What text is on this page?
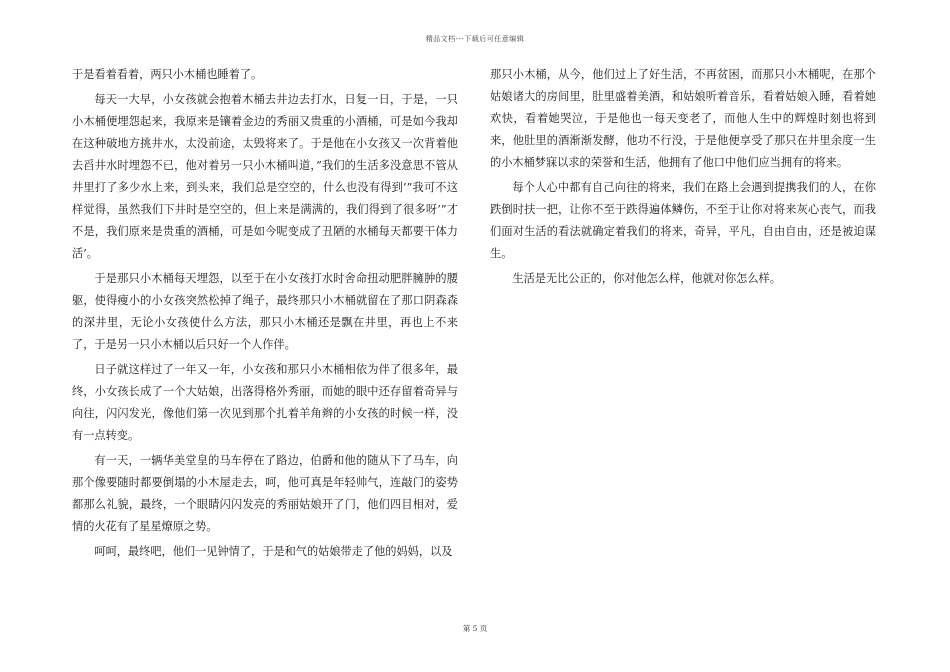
精品文档---下载后可任意编辑

于是看着看着，两只小木桶也睡着了。

每天一大早，小女孩就会抱着木桶去井边去打水，日复一日，于是，一只小木桶便埋怨起来，我原来是镶着金边的秀丽又贵重的小酒桶，可是如今我却在这种破地方挑井水，太没前途，太毁将来了。于是他在小女孩又一次背着他去舀井水时埋怨不已，他对着另一只小木桶叫道，”我们的生活多没意思不管从井里打了多少水上来，到头来，我们总是空空的，什么也没有得到’”我可不这样觉得，虽然我们下井时是空空的，但上来是满满的，我们得到了很多呀’”才不是，我们原来是贵重的酒桶，可是如今呢变成了丑陋的水桶每天都要干体力活’。

于是那只小木桶每天埋怨，以至于在小女孩打水时舍命扭动肥胖臃肿的腰躯，使得瘦小的小女孩突然松掉了绳子，最终那只小木桶就留在了那口阴森森的深井里，无论小女孩使什么方法，那只小木桶还是飘在井里，再也上不来了，于是另一只小木桶以后只好一个人作伴。

日子就这样过了一年又一年，小女孩和那只小木桶相依为伴了很多年，最终，小女孩长成了一个大姑娘，出落得格外秀丽，而她的眼中还存留着奇异与向往，闪闪发光，像他们第一次见到那个扎着羊角辫的小女孩的时候一样，没有一点转变。

有一天，一辆华美堂皇的马车停在了路边，伯爵和他的随从下了马车，向那个像要随时都要倒塌的小木屋走去，呵，他可真是年轻帅气，连敲门的姿势都那么礼貌，最终，一个眼睛闪闪发亮的秀丽姑娘开了门，他们四目相对，爱情的火花有了星星燎原之势。

呵呵，最终吧，他们一见钟情了，于是和气的姑娘带走了他的妈妈，以及

那只小木桶，从今，他们过上了好生活，不再贫困，而那只小木桶呢，在那个姑娘诸大的房间里，肚里盛着美酒，和姑娘听着音乐，看着姑娘入睡，看着她欢快，看着她哭泣，于是他也一每天变老了，而他人生中的辉煌时刻也将到来，他肚里的酒渐渐发酵，他功不行没，于是他便享受了那只在井里余度一生的小木桶梦寐以求的荣誉和生活，他拥有了他口中他们应当拥有的将来。

每个人心中都有自己向往的将来，我们在路上会遇到提携我们的人，在你跌倒时扶一把，让你不至于跌得遍体鳞伤，不至于让你对将来灰心丧气，而我们面对生活的看法就确定着我们的将来，奇异，平凡，自由自由，还是被迫谋生。

生活是无比公正的，你对他怎么样，他就对你怎么样。

第 5 页
